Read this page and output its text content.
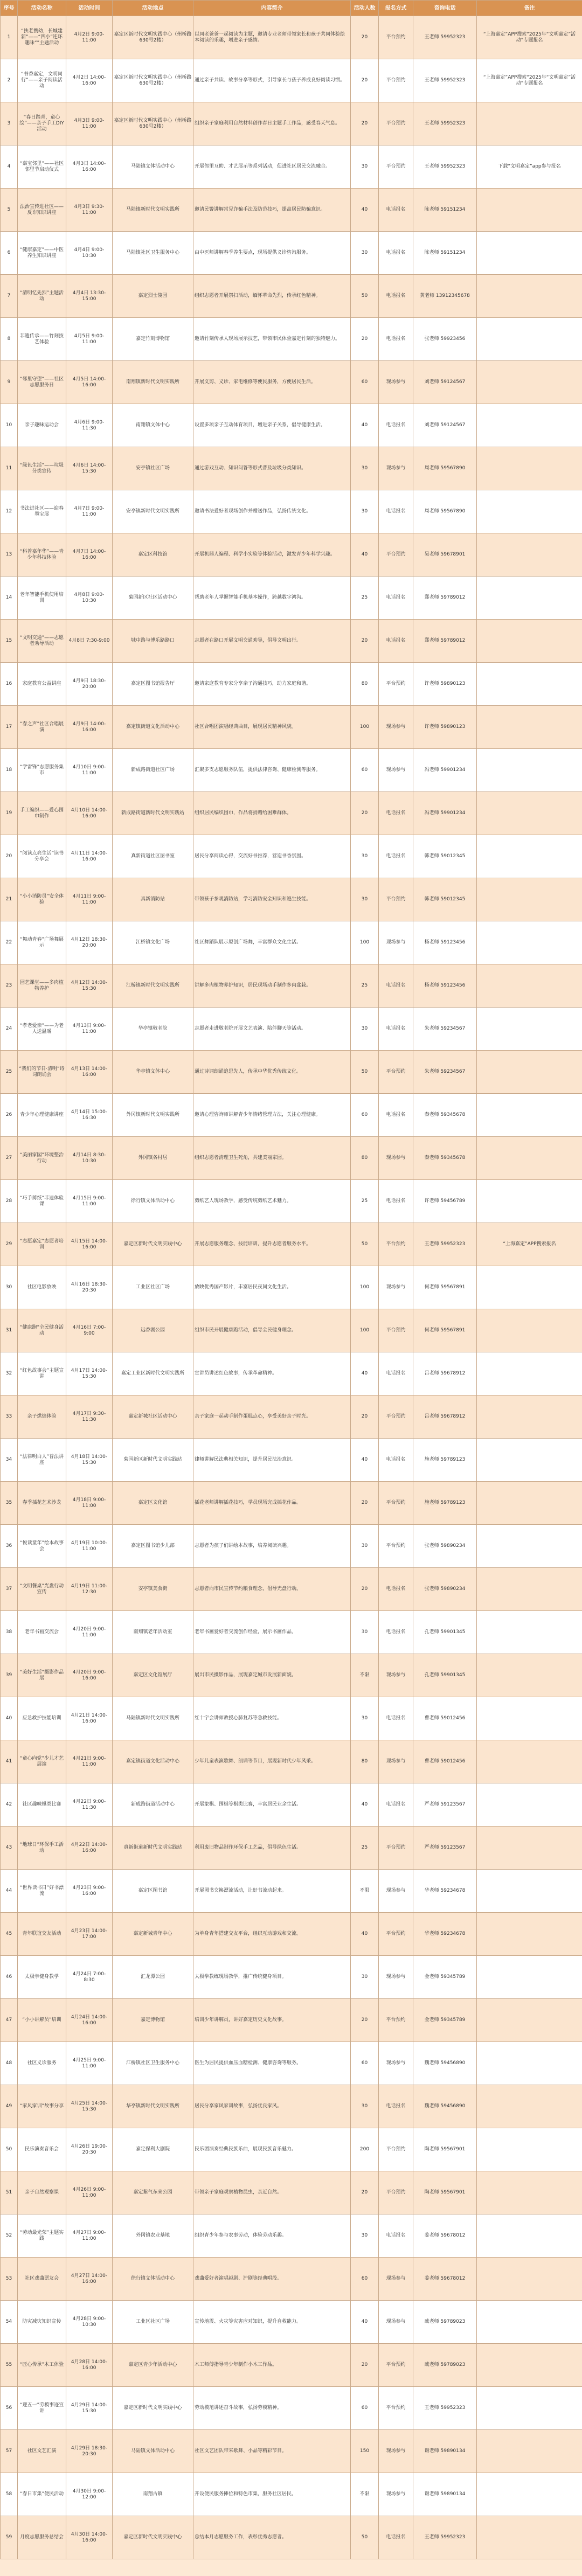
序号	活动名称	活动时间	活动地点	内容简介	活动人数	报名方式	咨询电话	备注
1	“扶老携幼，长城建新”——“四小”连环趣味“”主题活动	4月2日 9:00-11:00	嘉定区新时代文明实践中心（州桥路630号2楼）	以同老爸爸一起阅读为主题，邀请专业老师带领家长和孩子共同体验绘本阅读的乐趣，增进亲子感情。	20	平台预约	王老师 59952323	“上海嘉定”APP搜索“2025年“文明嘉定”活动”专题报名
2	“书香嘉定，文明同行”——亲子阅读活动	4月2日 14:00-16:00	嘉定区新时代文明实践中心（州桥路630号2楼）	通过亲子共读、故事分享等形式，引导家长与孩子养成良好阅读习惯。	20	平台预约	王老师 59952323	“上海嘉定”APP搜索“2025年“文明嘉定”活动”专题报名
3	“春日踏青，童心绘”——亲子手工DIY活动	4月3日 9:00-11:00	嘉定区新时代文明实践中心（州桥路630号2楼）	组织亲子家庭利用自然材料创作春日主题手工作品，感受春天气息。	20	平台预约	王老师 59952323	
4	“嘉宝邻里”——社区邻里节启动仪式	4月3日 14:00-16:00	马陆镇文体活动中心	开展邻里互助、才艺展示等系列活动，促进社区居民交流融合。	30	平台预约	王老师 59952323	下载“文明嘉定”app参与报名
5	法治宣传进社区——反诈知识讲座	4月3日 9:30-11:00	马陆镇新时代文明实践所	邀请民警讲解常见诈骗手法及防范技巧，提高居民防骗意识。	40	电话报名	陈老师 59151234	
6	“健康嘉定”——中医养生知识讲座	4月4日 9:00-10:30	马陆镇社区卫生服务中心	由中医师讲解春季养生要点，现场提供义诊咨询服务。	30	电话报名	陈老师 59151234	
7	“清明忆先烈”主题活动	4月4日 13:30-15:00	嘉定烈士陵园	组织志愿者开展祭扫活动，缅怀革命先烈，传承红色精神。	50	电话报名	黄老师 13912345678	
8	非遗传承——竹刻技艺体验	4月5日 9:00-11:00	嘉定竹刻博物馆	邀请竹刻传承人现场展示技艺，带领市民体验嘉定竹刻的独特魅力。	20	电话报名	张老师 59923456	
9	“邻里守望”——社区志愿服务日	4月5日 14:00-16:00	南翔镇新时代文明实践所	开展义剪、义诊、家电维修等便民服务，方便居民生活。	60	现场参与	刘老师 59124567	
10	亲子趣味运动会	4月6日 9:00-11:30	南翔镇文体中心	设置多项亲子互动体育项目，增进亲子关系，倡导健康生活。	40	电话报名	刘老师 59124567	
11	“绿色生活”——垃圾分类宣传	4月6日 14:00-15:30	安亭镇社区广场	通过游戏互动、知识问答等形式普及垃圾分类知识。	30	现场参与	周老师 59567890	
12	书法进社区——迎春墨宝展	4月7日 9:00-11:00	安亭镇新时代文明实践所	邀请书法爱好者现场创作并赠送作品，弘扬传统文化。	30	电话报名	周老师 59567890	
13	“科普嘉年华”——青少年科技体验	4月7日 14:00-16:00	嘉定区科技馆	开展机器人编程、科学小实验等体验活动，激发青少年科学兴趣。	40	平台预约	吴老师 59678901	
14	老年智能手机使用培训	4月8日 9:00-10:30	菊园新区社区活动中心	帮助老年人掌握智能手机基本操作，跨越数字鸿沟。	25	电话报名	郑老师 59789012	
15	“文明交通”——志愿者劝导活动	4月8日 7:30-9:00	城中路与博乐路路口	志愿者在路口开展文明交通劝导，倡导文明出行。	20	电话报名	郑老师 59789012	
16	家庭教育公益讲座	4月9日 18:30-20:00	嘉定区图书馆报告厅	邀请家庭教育专家分享亲子沟通技巧，助力家庭和谐。	80	平台预约	许老师 59890123	
17	“春之声”社区合唱展演	4月9日 14:00-16:00	嘉定镇街道文化活动中心	社区合唱团演唱经典曲目，展现居民精神风貌。	100	现场参与	许老师 59890123	
18	“学雷锋”志愿服务集市	4月10日 9:00-11:00	新成路街道社区广场	汇聚多支志愿服务队伍，提供法律咨询、健康检测等服务。	60	现场参与	冯老师 59901234	
19	手工编织——爱心围巾制作	4月10日 14:00-16:00	新成路街道新时代文明实践站	组织居民编织围巾，作品将捐赠给困难群体。	20	电话报名	冯老师 59901234	
20	“阅读点亮生活”读书分享会	4月11日 14:00-16:00	真新街道社区图书室	居民分享阅读心得，交流好书推荐，营造书香氛围。	30	电话报名	韩老师 59012345	
21	“小小消防员”安全体验	4月11日 9:00-11:00	真新消防站	带领孩子参观消防站，学习消防安全知识和逃生技能。	30	平台预约	韩老师 59012345	
22	“舞动青春”广场舞展示	4月12日 18:30-20:00	江桥镇文化广场	社区舞蹈队展示原创广场舞，丰富群众文化生活。	100	现场参与	杨老师 59123456	
23	园艺课堂——多肉植物养护	4月12日 14:00-15:30	江桥镇新时代文明实践所	讲解多肉植物养护知识，居民现场动手制作多肉盆栽。	25	电话报名	杨老师 59123456	
24	“孝老爱亲”——为老人送温暖	4月13日 9:00-11:00	华亭镇敬老院	志愿者走进敬老院开展文艺表演、陪伴聊天等活动。	30	电话报名	朱老师 59234567	
25	“我们的节日·清明”诗词朗诵会	4月13日 14:00-16:00	华亭镇文体中心	通过诗词朗诵追思先人，传承中华优秀传统文化。	50	平台预约	朱老师 59234567	
26	青少年心理健康讲座	4月14日 15:00-16:30	外冈镇新时代文明实践所	邀请心理咨询师讲解青少年情绪管理方法，关注心理健康。	60	电话报名	秦老师 59345678	
27	“美丽家园”环境整治行动	4月14日 8:30-10:30	外冈镇各村居	组织志愿者清理卫生死角，共建美丽家园。	80	现场参与	秦老师 59345678	
28	“巧手剪纸”非遗体验课	4月15日 9:00-11:00	徐行镇文体活动中心	剪纸艺人现场教学，感受传统剪纸艺术魅力。	25	电话报名	许老师 59456789	
29	“志愿嘉定”志愿者培训	4月15日 14:00-16:00	嘉定区新时代文明实践中心	开展志愿服务理念、技能培训，提升志愿者服务水平。	50	平台预约	王老师 59952323	“上海嘉定”APP搜索报名
30	社区电影放映	4月16日 18:30-20:30	工业区社区广场	放映优秀国产影片，丰富居民夜间文化生活。	100	现场参与	何老师 59567891	
31	“健康跑”全民健身活动	4月16日 7:00-9:00	远香湖公园	组织市民开展健康跑活动，倡导全民健身理念。	100	平台预约	何老师 59567891	
32	“红色故事会”主题宣讲	4月17日 14:00-15:30	嘉定工业区新时代文明实践所	宣讲员讲述红色故事，传承革命精神。	40	电话报名	吕老师 59678912	
33	亲子烘焙体验	4月17日 9:30-11:30	嘉定新城社区活动中心	亲子家庭一起动手制作蛋糕点心，享受美好亲子时光。	20	平台预约	吕老师 59678912	
34	“法律明白人”普法讲座	4月18日 14:00-15:30	菊园新区新时代文明实践站	律师讲解民法典相关知识，提升居民法治意识。	40	电话报名	施老师 59789123	
35	春季插花艺术沙龙	4月18日 9:00-11:00	嘉定区文化馆	插花老师讲解插花技巧，学员现场完成插花作品。	20	平台预约	施老师 59789123	
36	“悦读童年”绘本故事会	4月19日 10:00-11:00	嘉定区图书馆少儿部	志愿者为孩子们讲绘本故事，培养阅读兴趣。	30	平台预约	张老师 59890234	
37	“文明餐桌”光盘行动宣传	4月19日 11:00-12:30	安亭镇美食街	志愿者向市民宣传节约粮食理念，倡导光盘行动。	20	电话报名	张老师 59890234	
38	老年书画交流会	4月20日 9:00-11:00	南翔镇老年活动室	老年书画爱好者交流创作经验，展示书画作品。	30	电话报名	孔老师 59901345	
39	“美好生活”摄影作品展	4月20日 9:00-16:00	嘉定区文化馆展厅	展出市民摄影作品，展现嘉定城市发展新面貌。	不限	现场参与	孔老师 59901345	
40	应急救护技能培训	4月21日 14:00-16:00	马陆镇新时代文明实践所	红十字会讲师教授心肺复苏等急救技能。	30	电话报名	曹老师 59012456	
41	“童心向党”少儿才艺展演	4月21日 9:00-11:00	嘉定镇街道文化活动中心	少年儿童表演歌舞、朗诵等节目，展现新时代少年风采。	80	现场参与	曹老师 59012456	
42	社区趣味棋类比赛	4月22日 9:00-11:30	新成路街道活动中心	开展象棋、围棋等棋类比赛，丰富居民业余生活。	40	电话报名	严老师 59123567	
43	“地球日”环保手工活动	4月22日 14:00-16:00	真新街道新时代文明实践站	利用废旧物品制作环保手工艺品，倡导绿色生活。	25	平台预约	严老师 59123567	
44	“世界读书日”好书漂流	4月23日 9:00-16:00	嘉定区图书馆	开展图书交换漂流活动，让好书流动起来。	不限	现场参与	华老师 59234678	
45	青年联谊交友活动	4月23日 14:00-17:00	嘉定新城青年中心	为单身青年搭建交友平台，组织互动游戏和交流。	40	平台预约	华老师 59234678	
46	太极拳健身教学	4月24日 7:00-8:30	汇龙潭公园	太极拳教练现场教学，推广传统健身项目。	30	现场参与	金老师 59345789	
47	“小小讲解员”培训	4月24日 14:00-16:00	嘉定博物馆	培训少年讲解员，讲好嘉定历史文化故事。	20	平台预约	金老师 59345789	
48	社区义诊服务	4月25日 9:00-11:00	江桥镇社区卫生服务中心	医生为居民提供血压血糖检测、健康咨询等服务。	60	现场参与	魏老师 59456890	
49	“家风家训”故事分享	4月25日 14:00-15:30	华亭镇新时代文明实践所	居民分享家风家训故事，弘扬优良家风。	30	电话报名	魏老师 59456890	
50	民乐演奏音乐会	4月26日 19:00-20:30	嘉定保利大剧院	民乐团演奏经典民族乐曲，展现民族音乐魅力。	200	平台预约	陶老师 59567901	
51	亲子自然观察课	4月26日 9:00-11:00	嘉定紫气东来公园	带领亲子家庭观察植物昆虫，亲近自然。	20	平台预约	陶老师 59567901	
52	“劳动最光荣”主题实践	4月27日 9:00-11:00	外冈镇农业基地	组织青少年参与农事劳动，体验劳动乐趣。	30	电话报名	姜老师 59678012	
53	社区戏曲票友会	4月27日 14:00-16:00	徐行镇文体活动中心	戏曲爱好者演唱越剧、沪剧等经典唱段。	60	现场参与	姜老师 59678012	
54	防灾减灾知识宣传	4月28日 9:00-10:30	工业区社区广场	宣传地震、火灾等灾害应对知识，提升自救能力。	40	现场参与	戚老师 59789023	
55	“匠心传承”木工体验	4月28日 14:00-16:00	嘉定区青少年活动中心	木工师傅指导青少年制作小木工作品。	20	平台预约	戚老师 59789023	
56	“迎五一”劳模事迹宣讲	4月29日 14:00-15:30	嘉定区新时代文明实践中心	劳动模范讲述奋斗故事，弘扬劳模精神。	60	平台预约	王老师 59952323	
57	社区文艺汇演	4月29日 18:30-20:30	马陆镇文体活动中心	社区文艺团队带来歌舞、小品等精彩节目。	150	现场参与	谢老师 59890134	
58	“春日市集”便民活动	4月30日 9:00-12:00	南翔古镇	开设便民服务摊位和特色市集，服务社区居民。	不限	现场参与	谢老师 59890134	
59	月度志愿服务总结会	4月30日 14:00-16:00	嘉定区新时代文明实践中心	总结本月志愿服务工作，表彰优秀志愿者。	50	电话报名	王老师 59952323	
